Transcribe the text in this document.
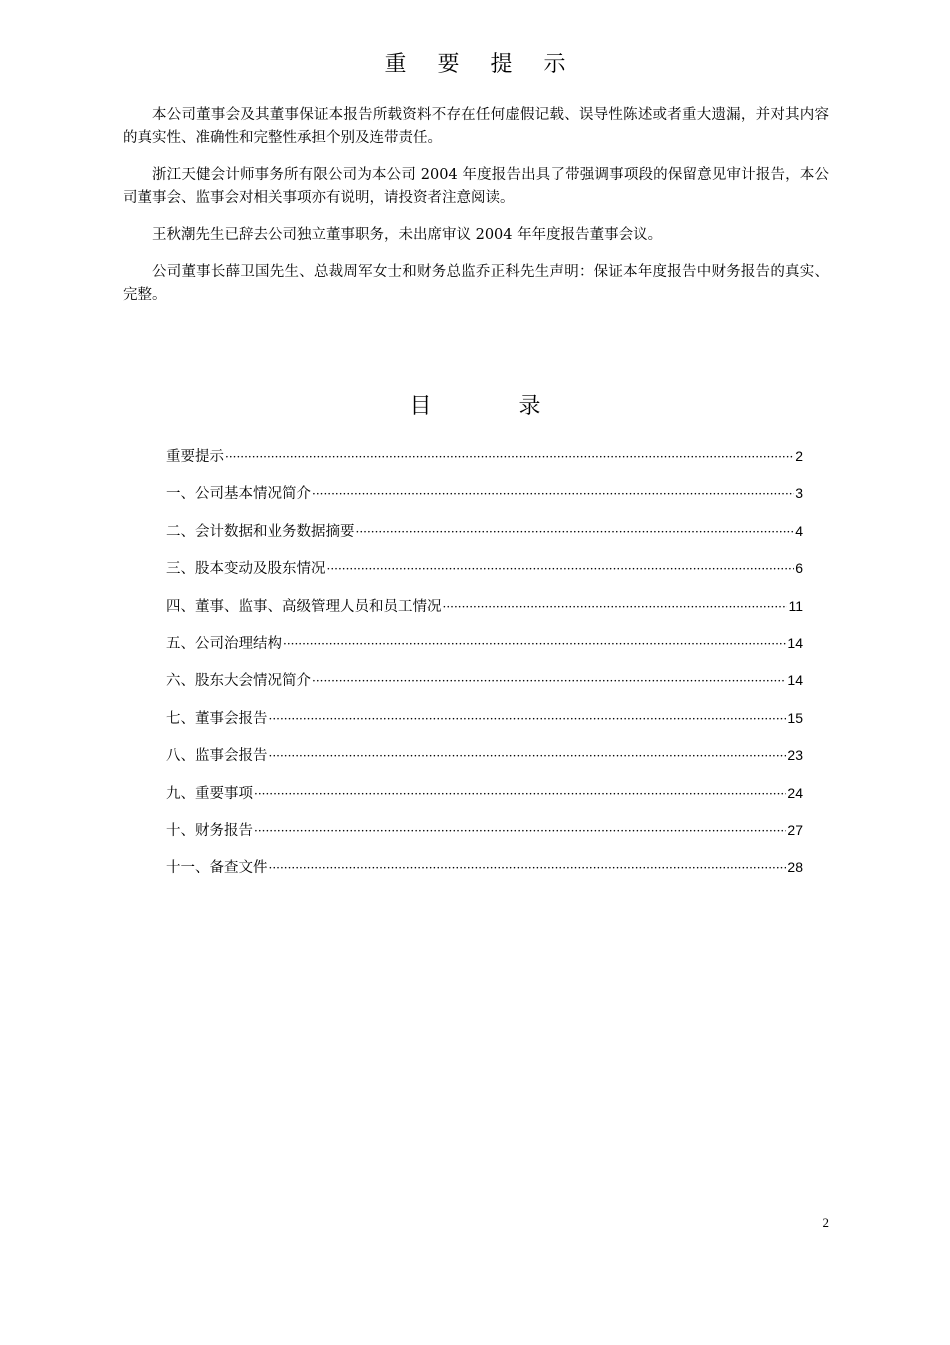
重 要 提 示

本公司董事会及其董事保证本报告所载资料不存在任何虚假记载、误导性陈述或者重大遗漏，并对其内容的真实性、准确性和完整性承担个别及连带责任。

浙江天健会计师事务所有限公司为本公司 2004 年度报告出具了带强调事项段的保留意见审计报告，本公司董事会、监事会对相关事项亦有说明，请投资者注意阅读。

王秋潮先生已辞去公司独立董事职务，未出席审议 2004 年年度报告董事会议。

公司董事长薛卫国先生、总裁周军女士和财务总监乔正科先生声明：保证本年度报告中财务报告的真实、完整。

目 录
重要提示 ·····	2
一、公司基本情况简介 ·····	3
二、会计数据和业务数据摘要 ·····	4
三、股本变动及股东情况 ·····	6
四、董事、监事、高级管理人员和员工情况 ·····	11
五、公司治理结构 ·····	14
六、股东大会情况简介 ·····	14
七、董事会报告 ·····	15
八、监事会报告 ·····	23
九、重要事项 ·····	24
十、财务报告 ·····	27
十一、备查文件 ·····	28
2
